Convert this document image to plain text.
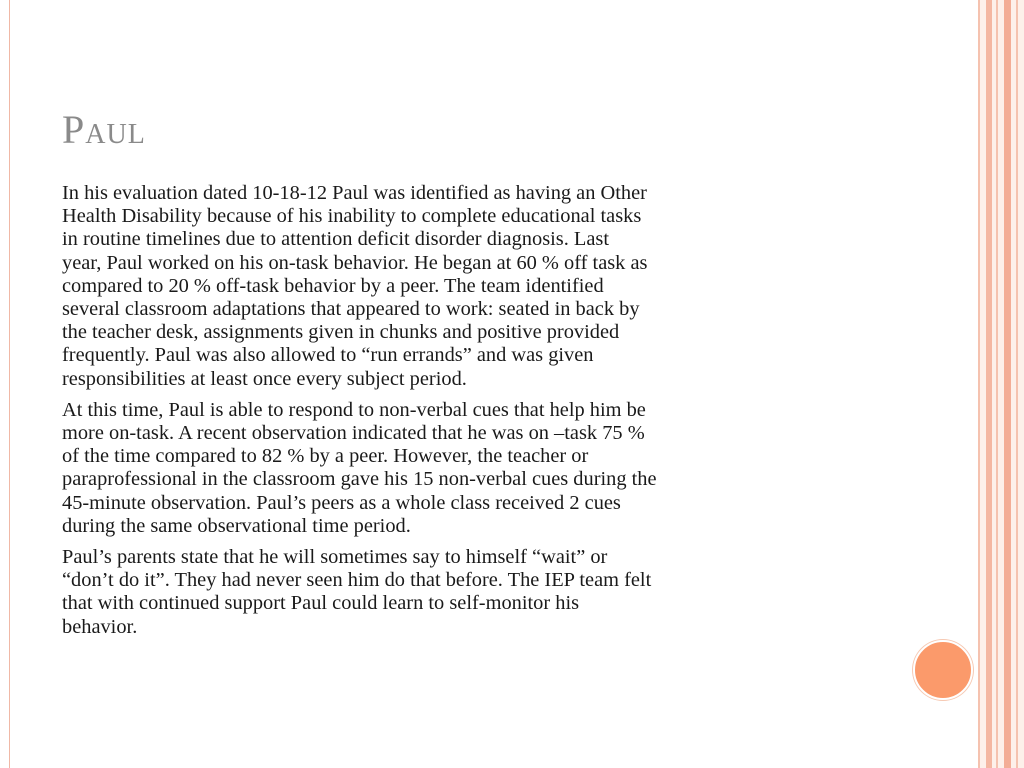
Paul

In his evaluation dated 10-18-12 Paul was identified as having an Other
Health Disability because of his inability to complete educational tasks
in routine timelines due to attention deficit disorder diagnosis. Last
year, Paul worked on his on-task behavior. He began at 60 % off task as
compared to 20 % off-task behavior by a peer. The team identified
several classroom adaptations that appeared to work: seated in back by
the teacher desk, assignments given in chunks and positive provided
frequently. Paul was also allowed to “run errands” and was given
responsibilities at least once every subject period.

At this time, Paul is able to respond to non-verbal cues that help him be
more on-task. A recent observation indicated that he was on –task 75 %
of the time compared to 82 % by a peer. However, the teacher or
paraprofessional in the classroom gave his 15 non-verbal cues during the
45-minute observation. Paul’s peers as a whole class received 2 cues
during the same observational time period.

Paul’s parents state that he will sometimes say to himself “wait” or
“don’t do it”. They had never seen him do that before. The IEP team felt
that with continued support Paul could learn to self-monitor his
behavior.
